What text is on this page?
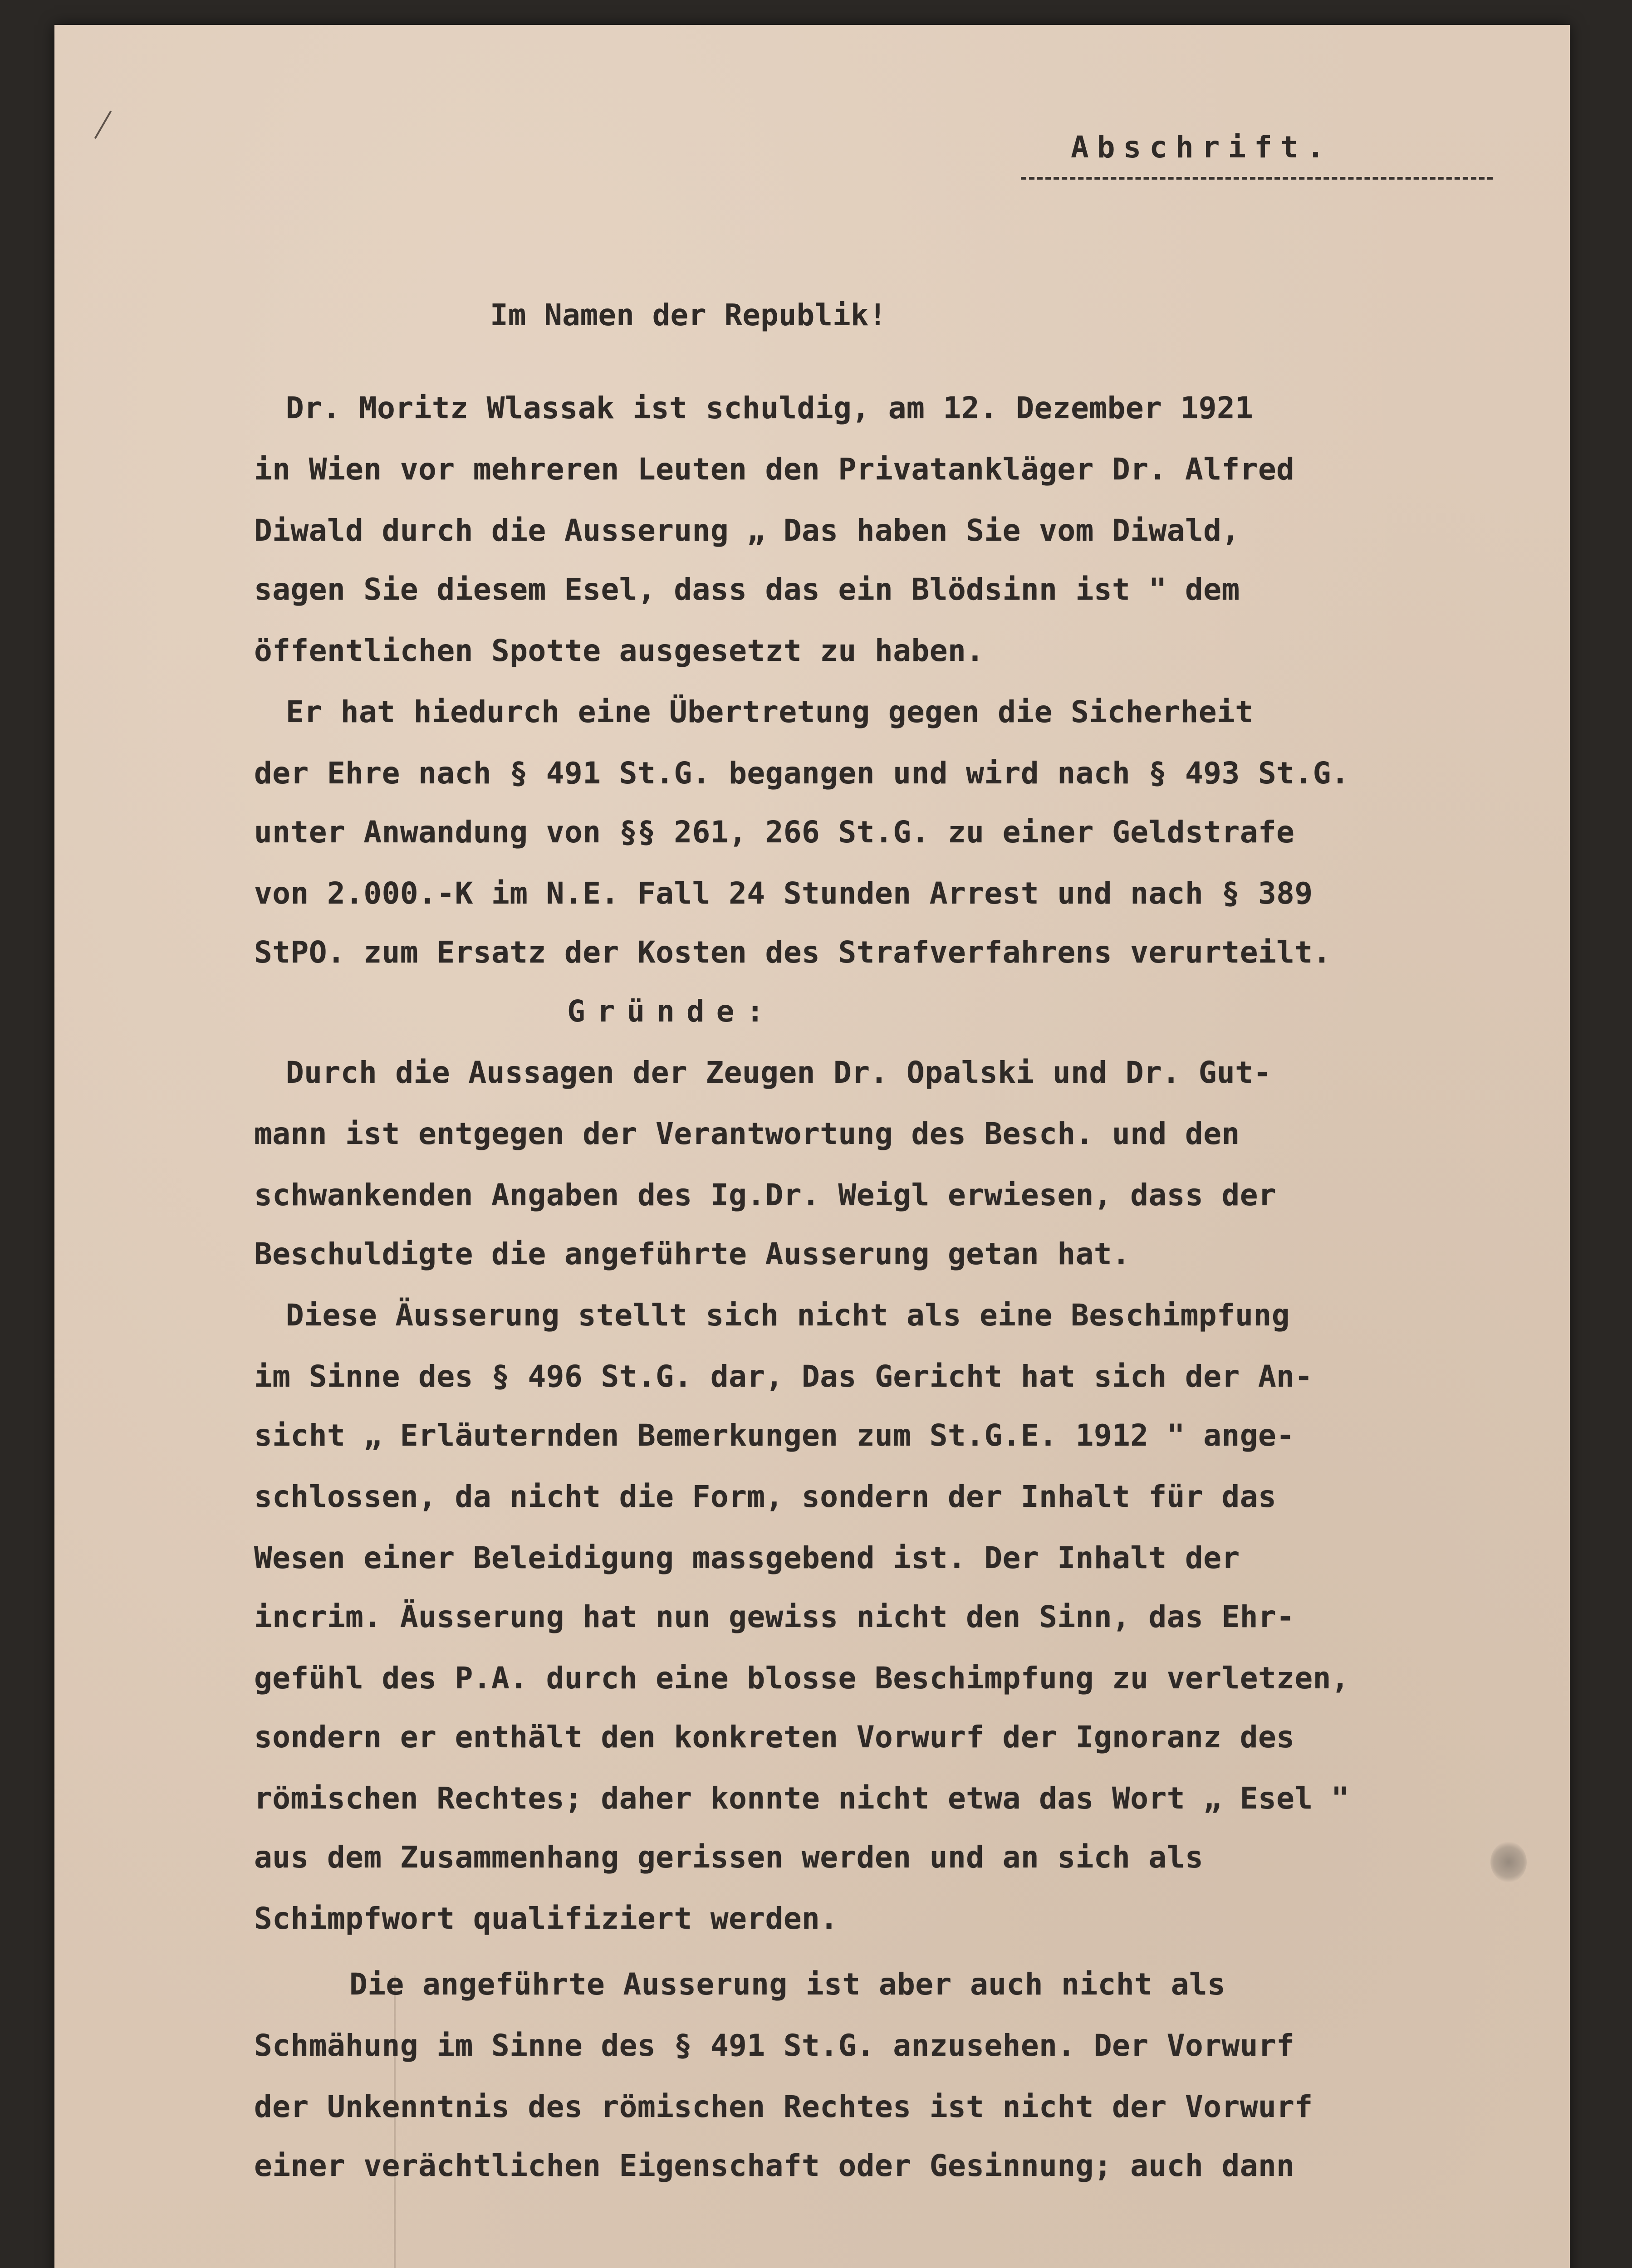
Abschrift.
Im Namen der Republik!
Dr. Moritz Wlassak ist schuldig, am 12. Dezember 1921
in Wien vor mehreren Leuten den Privatankläger Dr. Alfred
Diwald durch die Ausserung „ Das haben Sie vom Diwald,
sagen Sie diesem Esel, dass das ein Blödsinn ist " dem
öffentlichen Spotte ausgesetzt zu haben.
Er hat hiedurch eine Übertretung gegen die Sicherheit
der Ehre nach § 491 St.G. begangen und wird nach § 493 St.G.
unter Anwandung von §§ 261, 266 St.G. zu einer Geldstrafe
von 2.000.-K im N.E. Fall 24 Stunden Arrest und nach § 389
StPO. zum Ersatz der Kosten des Strafverfahrens verurteilt.
Gründe:
Durch die Aussagen der Zeugen Dr. Opalski und Dr. Gut-
mann ist entgegen der Verantwortung des Besch. und den
schwankenden Angaben des Ig.Dr. Weigl erwiesen, dass der
Beschuldigte die angeführte Ausserung getan hat.
Diese Äusserung stellt sich nicht als eine Beschimpfung
im Sinne des § 496 St.G. dar, Das Gericht hat sich der An-
sicht „ Erläuternden Bemerkungen zum St.G.E. 1912 " ange-
schlossen, da nicht die Form, sondern der Inhalt für das
Wesen einer Beleidigung massgebend ist. Der Inhalt der
incrim. Äusserung hat nun gewiss nicht den Sinn, das Ehr-
gefühl des P.A. durch eine blosse Beschimpfung zu verletzen,
sondern er enthält den konkreten Vorwurf der Ignoranz des
römischen Rechtes; daher konnte nicht etwa das Wort „ Esel "
aus dem Zusammenhang gerissen werden und an sich als
Schimpfwort qualifiziert werden.
Die angeführte Ausserung ist aber auch nicht als
Schmähung im Sinne des § 491 St.G. anzusehen. Der Vorwurf
der Unkenntnis des römischen Rechtes ist nicht der Vorwurf
einer verächtlichen Eigenschaft oder Gesinnung; auch dann
